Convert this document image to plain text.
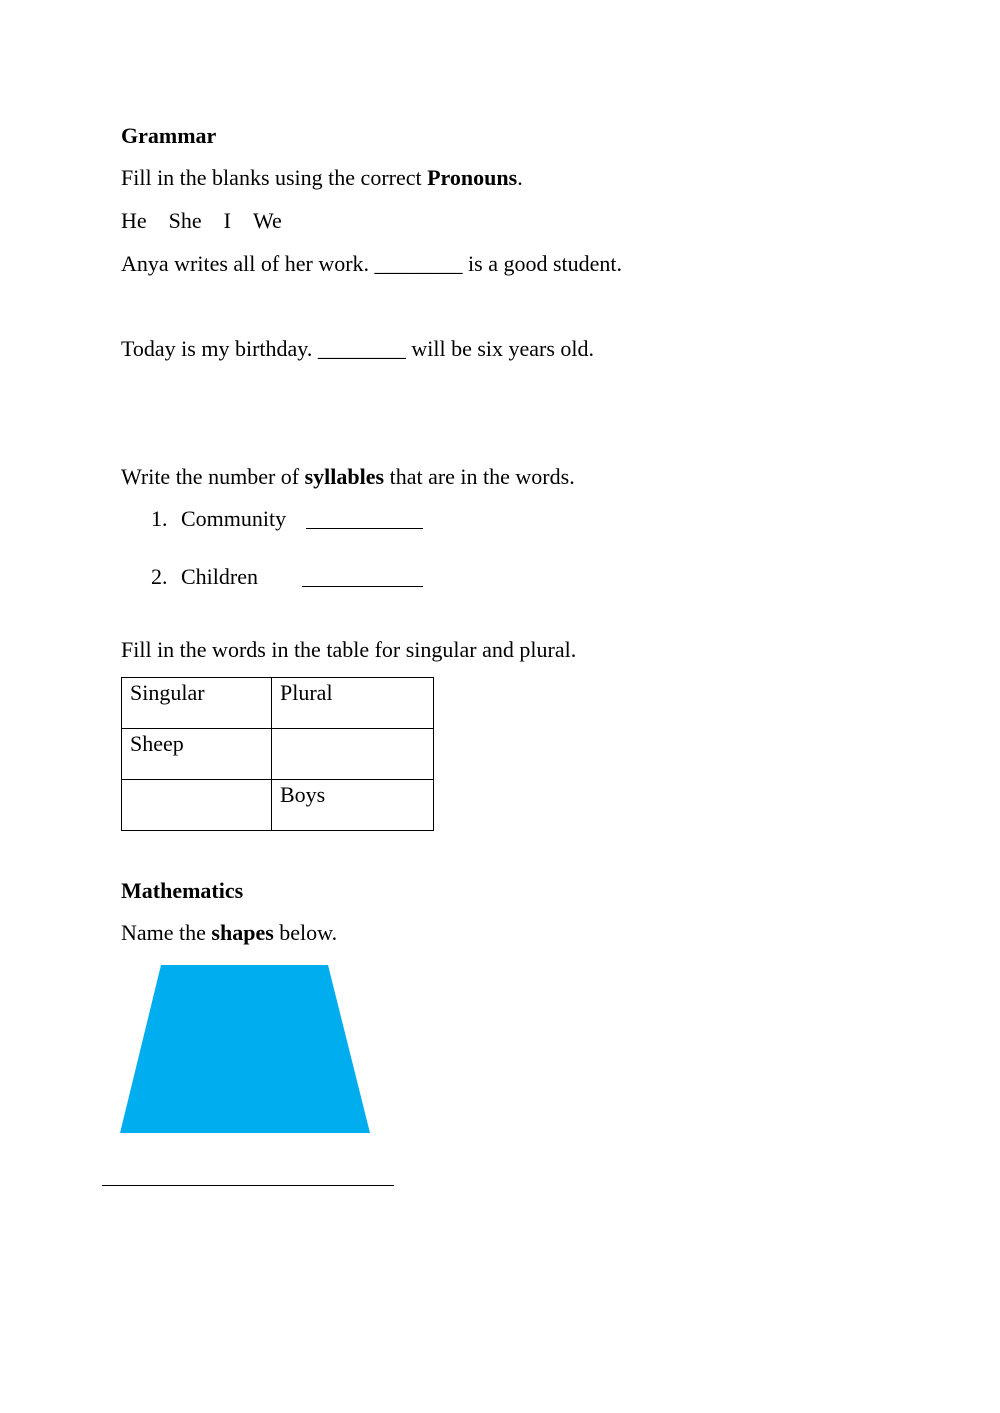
Grammar
Fill in the blanks using the correct Pronouns.
He She I We
Anya writes all of her work. ________ is a good student.
Today is my birthday. ________ will be six years old.
Write the number of syllables that are in the words.
1. Community
2. Children
Fill in the words in the table for singular and plural.
Singular	Plural
Sheep	
	Boys
Mathematics
Name the shapes below.
